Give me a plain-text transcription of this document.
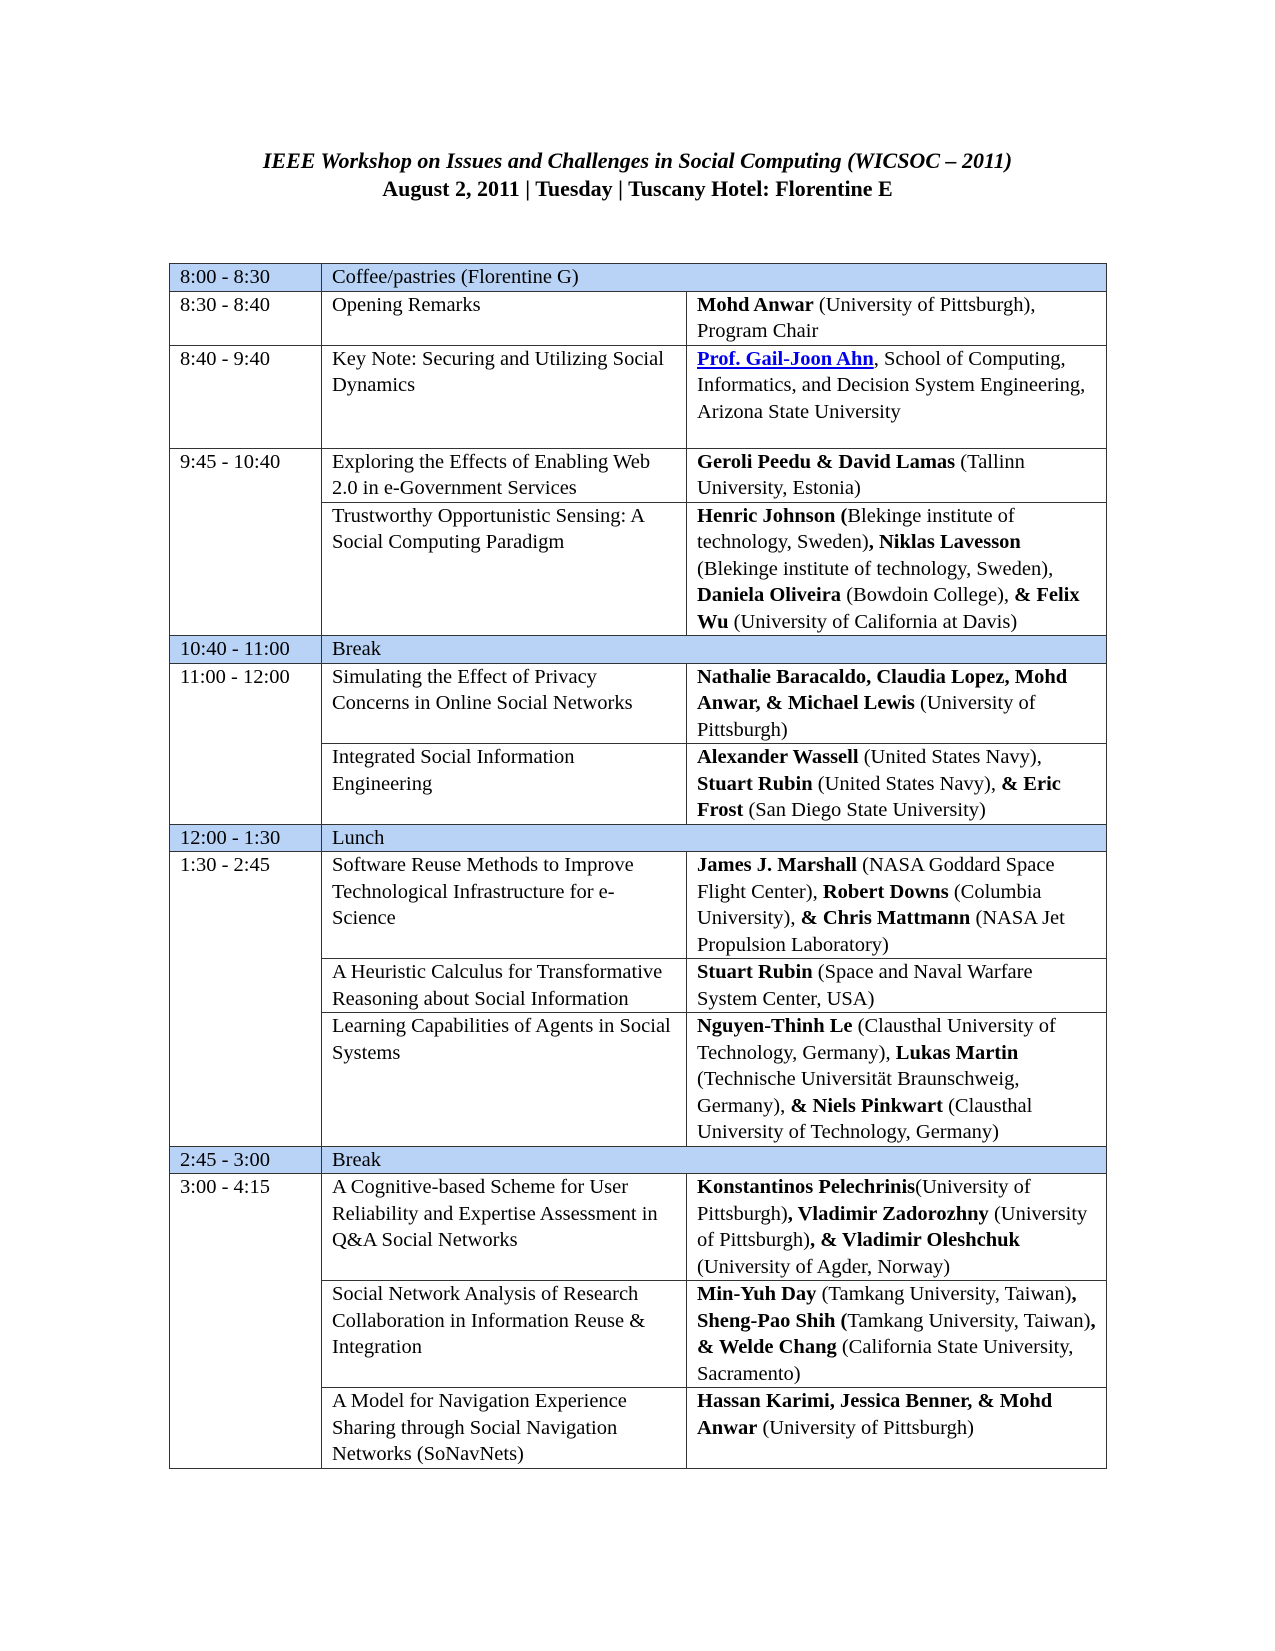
IEEE Workshop on Issues and Challenges in Social Computing (WICSOC – 2011)
August 2, 2011 | Tuesday | Tuscany Hotel: Florentine E
8:00 - 8:30	Coffee/pastries (Florentine G)	
8:30 - 8:40	Opening Remarks	Mohd Anwar (University of Pittsburgh), Program Chair
8:40 - 9:40	Key Note: Securing and Utilizing Social Dynamics	Prof. Gail-Joon Ahn, School of Computing, Informatics, and Decision System Engineering, Arizona State University
9:45 - 10:40	Exploring the Effects of Enabling Web 2.0 in e-Government Services	Geroli Peedu & David Lamas (Tallinn University, Estonia)
	Trustworthy Opportunistic Sensing: A Social Computing Paradigm	Henric Johnson (Blekinge institute of technology, Sweden), Niklas Lavesson (Blekinge institute of technology, Sweden), Daniela Oliveira (Bowdoin College), & Felix Wu (University of California at Davis)
10:40 - 11:00	Break	
11:00 - 12:00	Simulating the Effect of Privacy Concerns in Online Social Networks	Nathalie Baracaldo, Claudia Lopez, Mohd Anwar, & Michael Lewis (University of Pittsburgh)
	Integrated Social Information Engineering	Alexander Wassell (United States Navy), Stuart Rubin (United States Navy), & Eric Frost (San Diego State University)
12:00 - 1:30	Lunch	
1:30 - 2:45	Software Reuse Methods to Improve Technological Infrastructure for e-Science	James J. Marshall (NASA Goddard Space Flight Center), Robert Downs (Columbia University), & Chris Mattmann (NASA Jet Propulsion Laboratory)
	A Heuristic Calculus for Transformative Reasoning about Social Information	Stuart Rubin (Space and Naval Warfare System Center, USA)
	Learning Capabilities of Agents in Social Systems	Nguyen-Thinh Le (Clausthal University of Technology, Germany), Lukas Martin (Technische Universität Braunschweig, Germany), & Niels Pinkwart (Clausthal University of Technology, Germany)
2:45 - 3:00	Break	
3:00 - 4:15	A Cognitive-based Scheme for User Reliability and Expertise Assessment in Q&A Social Networks	Konstantinos Pelechrinis(University of Pittsburgh), Vladimir Zadorozhny (University of Pittsburgh), & Vladimir Oleshchuk (University of Agder, Norway)
	Social Network Analysis of Research Collaboration in Information Reuse & Integration	Min-Yuh Day (Tamkang University, Taiwan), Sheng-Pao Shih (Tamkang University, Taiwan), & Welde Chang (California State University, Sacramento)
	A Model for Navigation Experience Sharing through Social Navigation Networks (SoNavNets)	Hassan Karimi, Jessica Benner, & Mohd Anwar (University of Pittsburgh)
